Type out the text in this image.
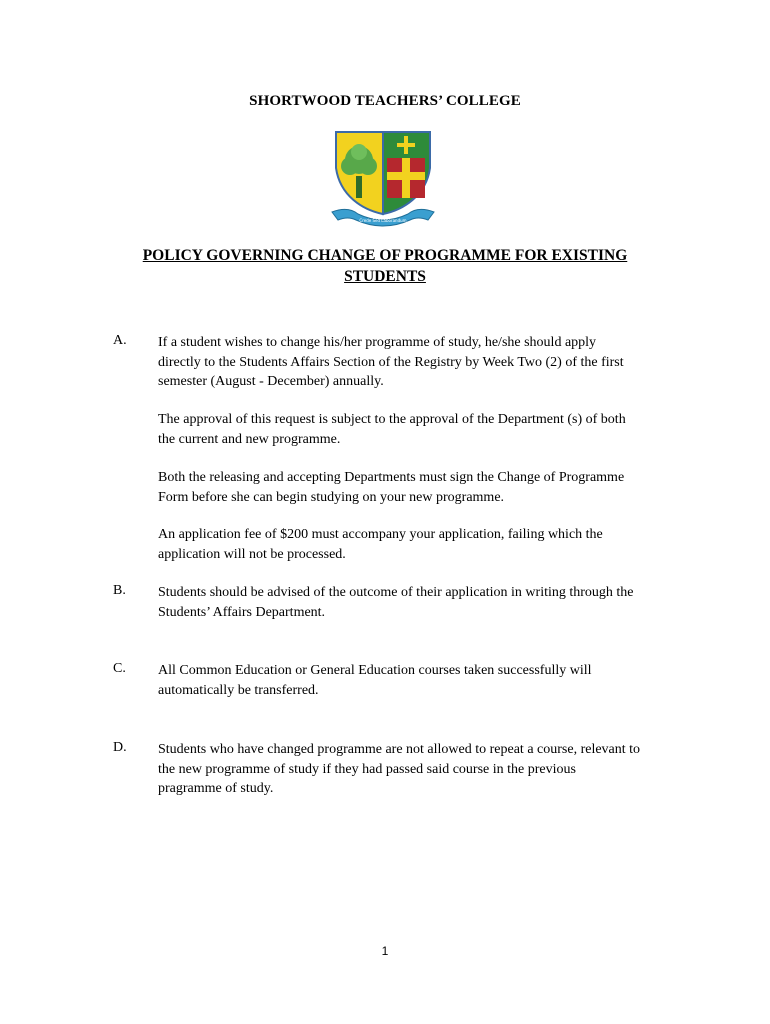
SHORTWOOD TEACHERS’ COLLEGE
Crede Sed Laborandum
POLICY GOVERNING CHANGE OF PROGRAMME FOR EXISTING
STUDENTS
A. If a student wishes to change his/her programme of study, he/she should apply
directly to the Students Affairs Section of the Registry by Week Two (2) of the first
semester (August - December) annually.
The approval of this request is subject to the approval of the Department (s) of both
the current and new programme.
Both the releasing and accepting Departments must sign the Change of Programme
Form before she can begin studying on your new programme.
An application fee of $200 must accompany your application, failing which the
application will not be processed.
B. Students should be advised of the outcome of their application in writing through the
Students’ Affairs Department.
C. All Common Education or General Education courses taken successfully will
automatically be transferred.
D. Students who have changed programme are not allowed to repeat a course, relevant to
the new programme of study if they had passed said course in the previous
pragramme of study.
1
